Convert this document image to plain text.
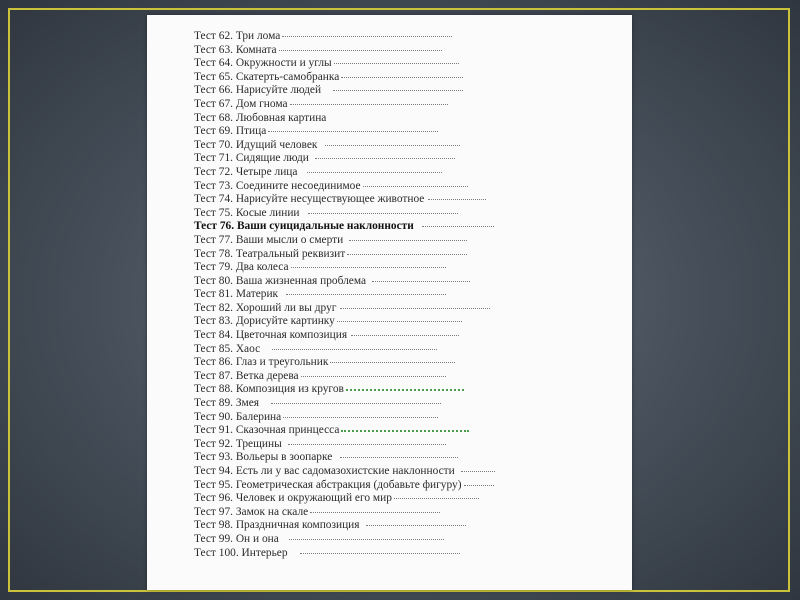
Тест 62. Три лома
Тест 63. Комната
Тест 64. Окружности и углы
Тест 65. Скатерть-самобранка
Тест 66. Нарисуйте людей
Тест 67. Дом гнома
Тест 68. Любовная картина
Тест 69. Птица
Тест 70. Идущий человек
Тест 71. Сидящие люди
Тест 72. Четыре лица
Тест 73. Соедините несоединимое
Тест 74. Нарисуйте несуществующее животное
Тест 75. Косые линии
Тест 76. Ваши суицидальные наклонности
Тест 77. Ваши мысли о смерти
Тест 78. Театральный реквизит
Тест 79. Два колеса
Тест 80. Ваша жизненная проблема
Тест 81. Материк
Тест 82. Хороший ли вы друг
Тест 83. Дорисуйте картинку
Тест 84. Цветочная композиция
Тест 85. Хаос
Тест 86. Глаз и треугольник
Тест 87. Ветка дерева
Тест 88. Композиция из кругов
Тест 89. Змея
Тест 90. Балерина
Тест 91. Сказочная принцесса
Тест 92. Трещины
Тест 93. Вольеры в зоопарке
Тест 94. Есть ли у вас садомазохистские наклонности
Тест 95. Геометрическая абстракция (добавьте фигуру)
Тест 96. Человек и окружающий его мир
Тест 97. Замок на скале
Тест 98. Праздничная композиция
Тест 99. Он и она
Тест 100. Интерьер
